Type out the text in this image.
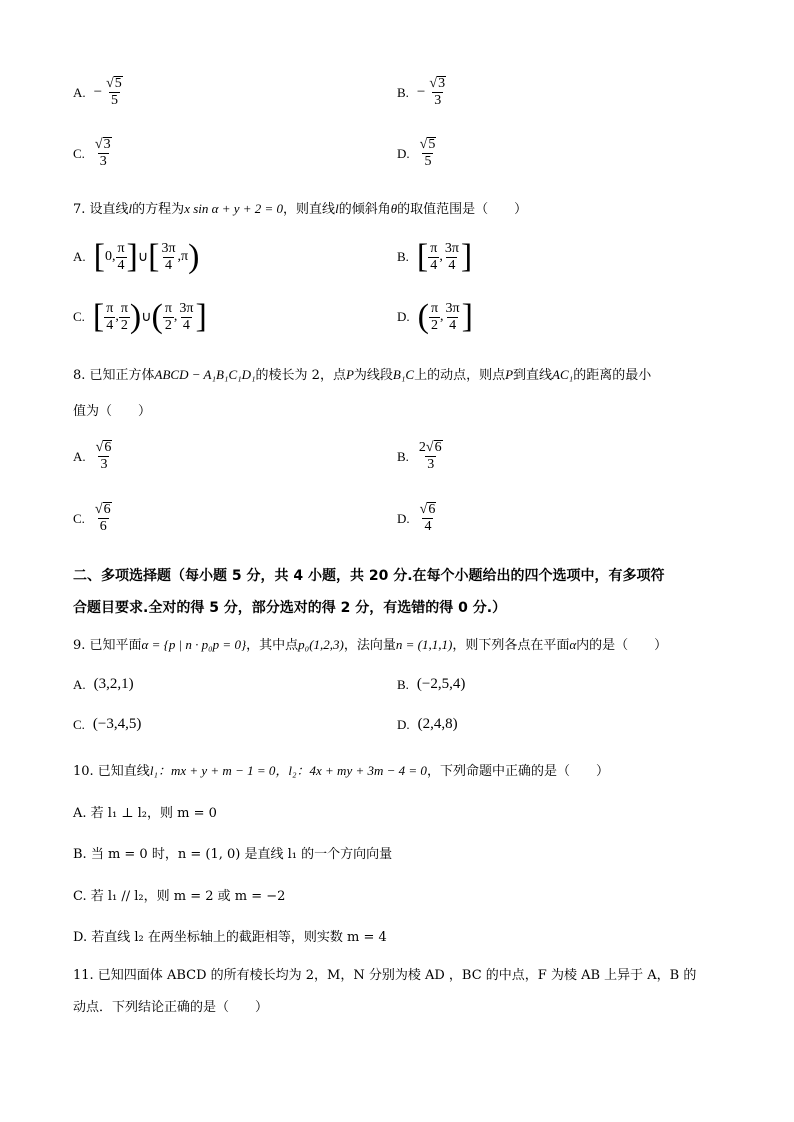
A. − $\frac{√ 5}{5}$	B. − $\frac{√ 3}{3}$
C. $\frac{√ 3}{3}$	D. $\frac{√ 5}{5}$
7. 设直线l的方程为x sin α + y + 2 = 0，则直线l的倾斜角θ的取值范围是（　　）
A. [ 0, $\frac{\pi}{4}$ ] ∪ [ $\frac{3\pi}{4} ,\pi$ )	B. [ $\frac{\pi}{4}$ , $\frac{3\pi}{4}$ ]
C. [ $\frac{\pi}{4}$ , $\frac{\pi}{2}$ ) ∪ ( $\frac{\pi}{2}$ , $\frac{3\pi}{4}$ ]	D. ( $\frac{\pi}{2}$ , $\frac{3\pi}{4}$ ]
8. 已知正方体ABCD − A₁B₁C₁D₁的棱长为 2，点P为线段B₁C上的动点，则点P到直线AC₁的距离的最小
值为（　　）
A. $\frac{√ 6}{3}$	B. $\frac{2 √ 6}{3}$
C. $\frac{√ 6}{6}$	D. $\frac{√ 6}{4}$
二、多项选择题（每小题 5 分，共 4 小题，共 20 分.在每个小题给出的四个选项中，有多项符
合题目要求.全对的得 5 分，部分选对的得 2 分，有选错的得 0 分.）
9. 已知平面α = {p | n · p₀p = 0}，其中点p₀(1,2,3)，法向量n = (1,1,1)，则下列各点在平面α内的是（　　）
A. (3,2,1)	B. (−2,5,4)
C. (−3,4,5)	D. (2,4,8)
10. 已知直线l₁：mx + y + m − 1 = 0，l₂：4x + my + 3m − 4 = 0，下列命题中正确的是（　　）
A. 若 l₁ ⊥ l₂，则 m = 0
B. 当 m = 0 时，n = (1, 0) 是直线 l₁ 的一个方向向量
C. 若 l₁ // l₂，则 m = 2 或 m = −2
D. 若直线 l₂ 在两坐标轴上的截距相等，则实数 m = 4
11. 已知四面体 ABCD 的所有棱长均为 2，M，N 分别为棱 AD ，BC 的中点，F 为棱 AB 上异于 A，B 的
动点．下列结论正确的是（　　）
